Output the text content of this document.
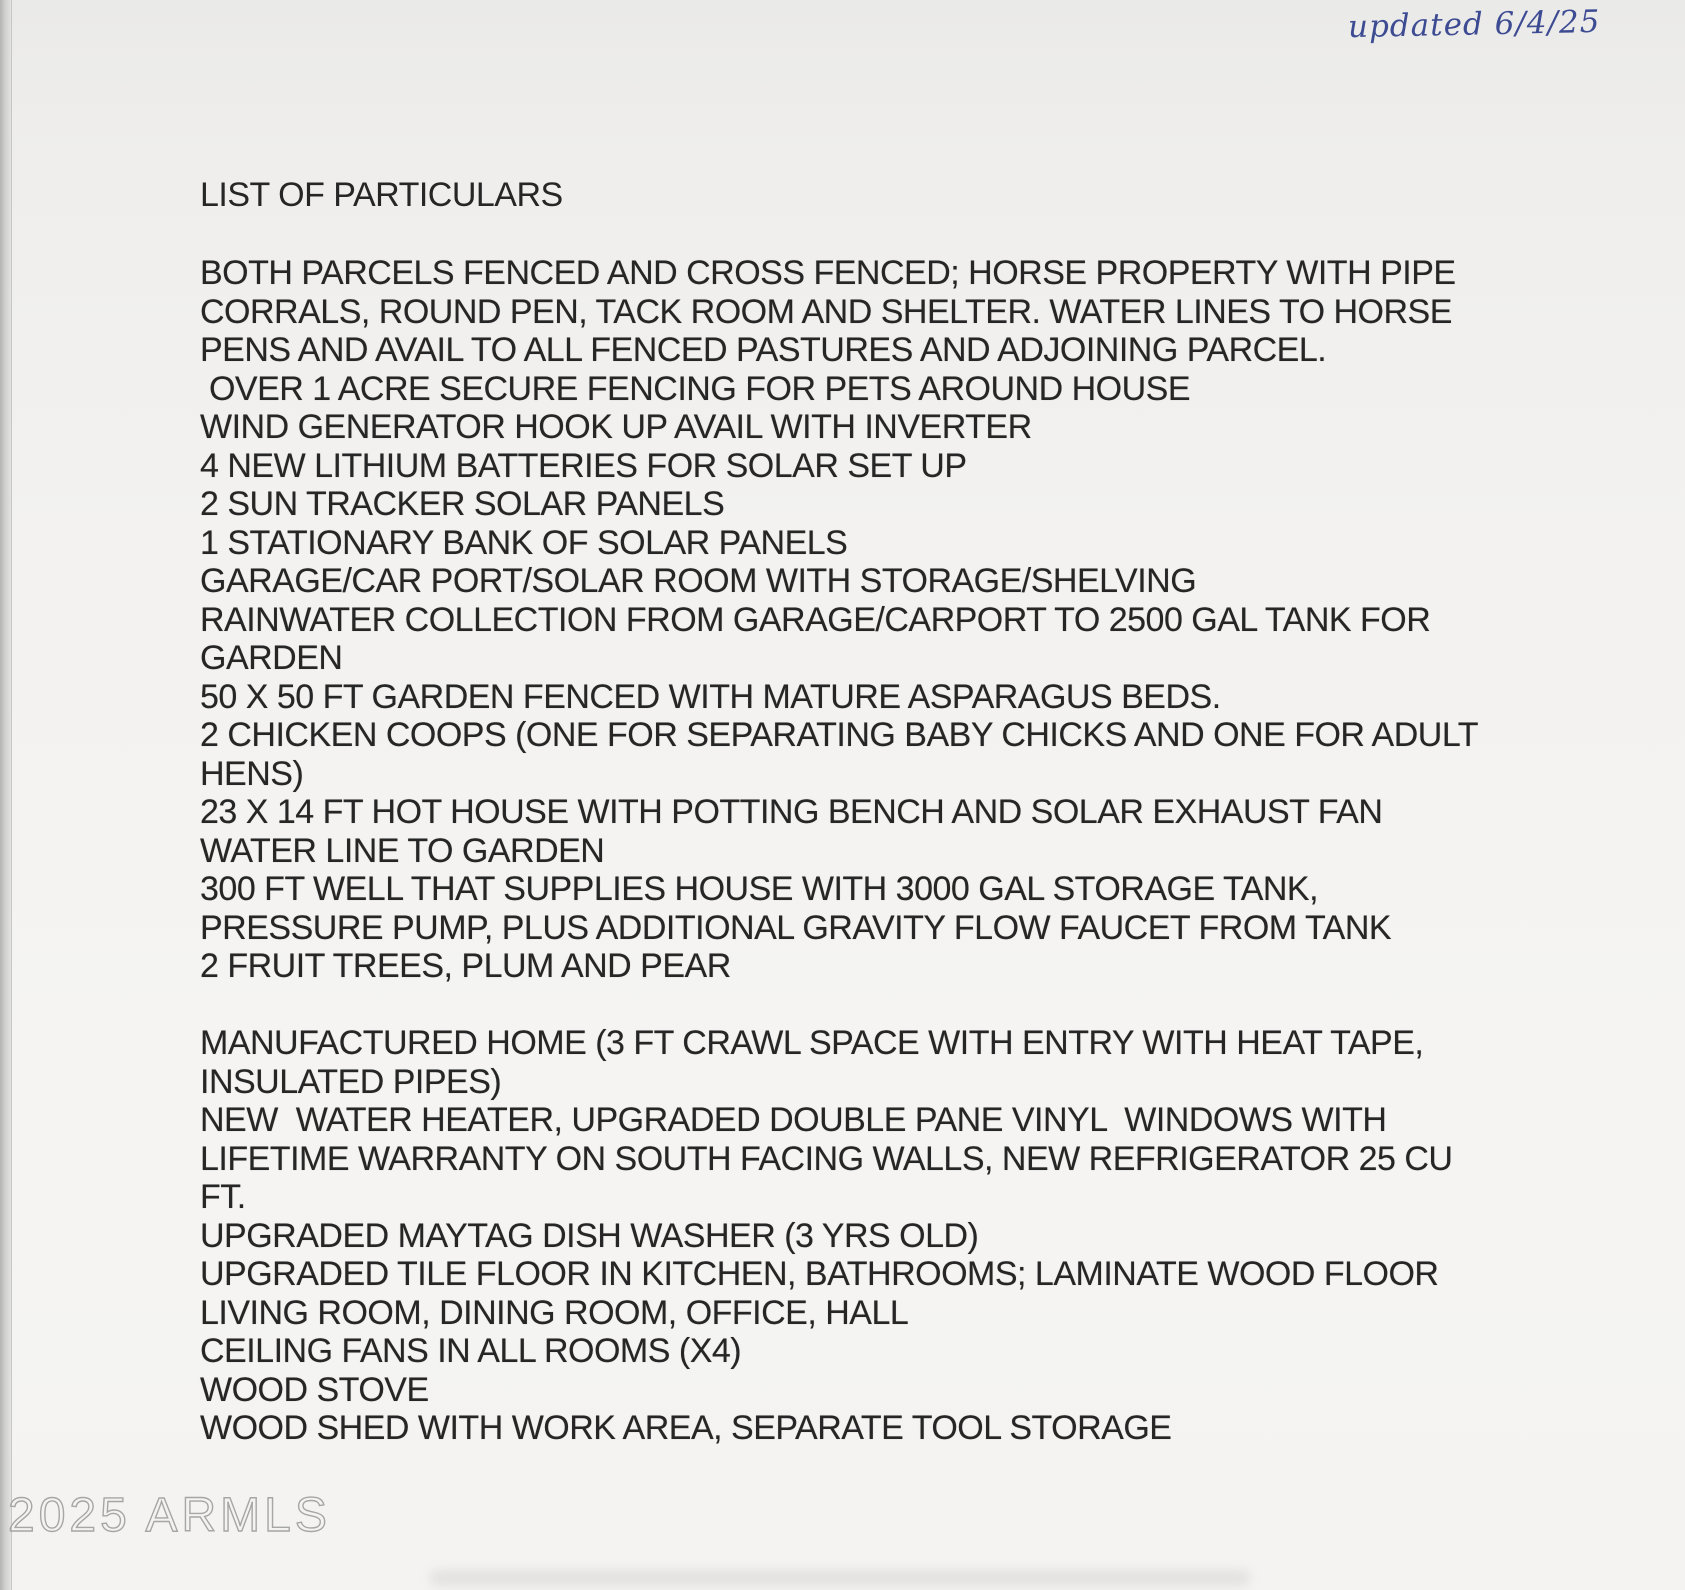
updated 6/4/25
LIST OF PARTICULARS
BOTH PARCELS FENCED AND CROSS FENCED; HORSE PROPERTY WITH PIPE
CORRALS, ROUND PEN, TACK ROOM AND SHELTER. WATER LINES TO HORSE
PENS AND AVAIL TO ALL FENCED PASTURES AND ADJOINING PARCEL.
OVER 1 ACRE SECURE FENCING FOR PETS AROUND HOUSE
WIND GENERATOR HOOK UP AVAIL WITH INVERTER
4 NEW LITHIUM BATTERIES FOR SOLAR SET UP
2 SUN TRACKER SOLAR PANELS
1 STATIONARY BANK OF SOLAR PANELS
GARAGE/CAR PORT/SOLAR ROOM WITH STORAGE/SHELVING
RAINWATER COLLECTION FROM GARAGE/CARPORT TO 2500 GAL TANK FOR
GARDEN
50 X 50 FT GARDEN FENCED WITH MATURE ASPARAGUS BEDS.
2 CHICKEN COOPS (ONE FOR SEPARATING BABY CHICKS AND ONE FOR ADULT
HENS)
23 X 14 FT HOT HOUSE WITH POTTING BENCH AND SOLAR EXHAUST FAN
WATER LINE TO GARDEN
300 FT WELL THAT SUPPLIES HOUSE WITH 3000 GAL STORAGE TANK,
PRESSURE PUMP, PLUS ADDITIONAL GRAVITY FLOW FAUCET FROM TANK
2 FRUIT TREES, PLUM AND PEAR

MANUFACTURED HOME (3 FT CRAWL SPACE WITH ENTRY WITH HEAT TAPE,
INSULATED PIPES)
NEW  WATER HEATER, UPGRADED DOUBLE PANE VINYL  WINDOWS WITH
LIFETIME WARRANTY ON SOUTH FACING WALLS, NEW REFRIGERATOR 25 CU
FT.
UPGRADED MAYTAG DISH WASHER (3 YRS OLD)
UPGRADED TILE FLOOR IN KITCHEN, BATHROOMS; LAMINATE WOOD FLOOR
LIVING ROOM, DINING ROOM, OFFICE, HALL
CEILING FANS IN ALL ROOMS (X4)
WOOD STOVE
WOOD SHED WITH WORK AREA, SEPARATE TOOL STORAGE
2025 ARMLS
